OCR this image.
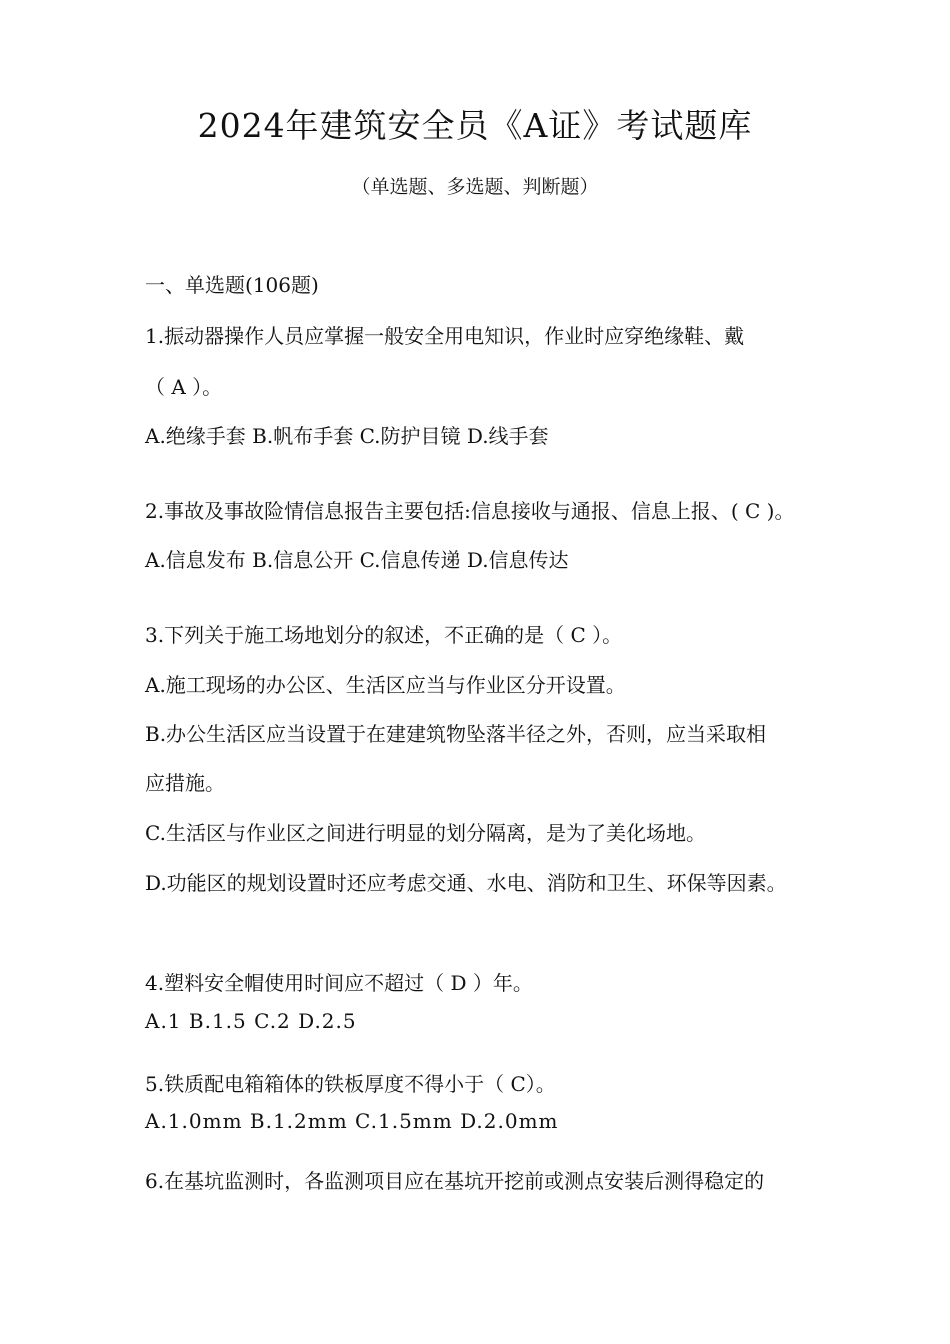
2024年建筑安全员《A证》考试题库
（单选题、多选题、判断题）
一、单选题(106题)
1.振动器操作人员应掌握一般安全用电知识，作业时应穿绝缘鞋、戴
（ A ）。
A.绝缘手套 B.帆布手套 C.防护目镜 D.线手套
2.事故及事故险情信息报告主要包括:信息接收与通报、信息上报、( C )。
A.信息发布 B.信息公开 C.信息传递 D.信息传达
3.下列关于施工场地划分的叙述，不正确的是（ C ）。
A.施工现场的办公区、生活区应当与作业区分开设置。
B.办公生活区应当设置于在建建筑物坠落半径之外，否则，应当采取相
应措施。
C.生活区与作业区之间进行明显的划分隔离，是为了美化场地。
D.功能区的规划设置时还应考虑交通、水电、消防和卫生、环保等因素。
4.塑料安全帽使用时间应不超过（ D ）年。
A.1 B.1.5 C.2 D.2.5
5.铁质配电箱箱体的铁板厚度不得小于（ C）。
A.1.0mm B.1.2mm C.1.5mm D.2.0mm
6.在基坑监测时，各监测项目应在基坑开挖前或测点安装后测得稳定的
